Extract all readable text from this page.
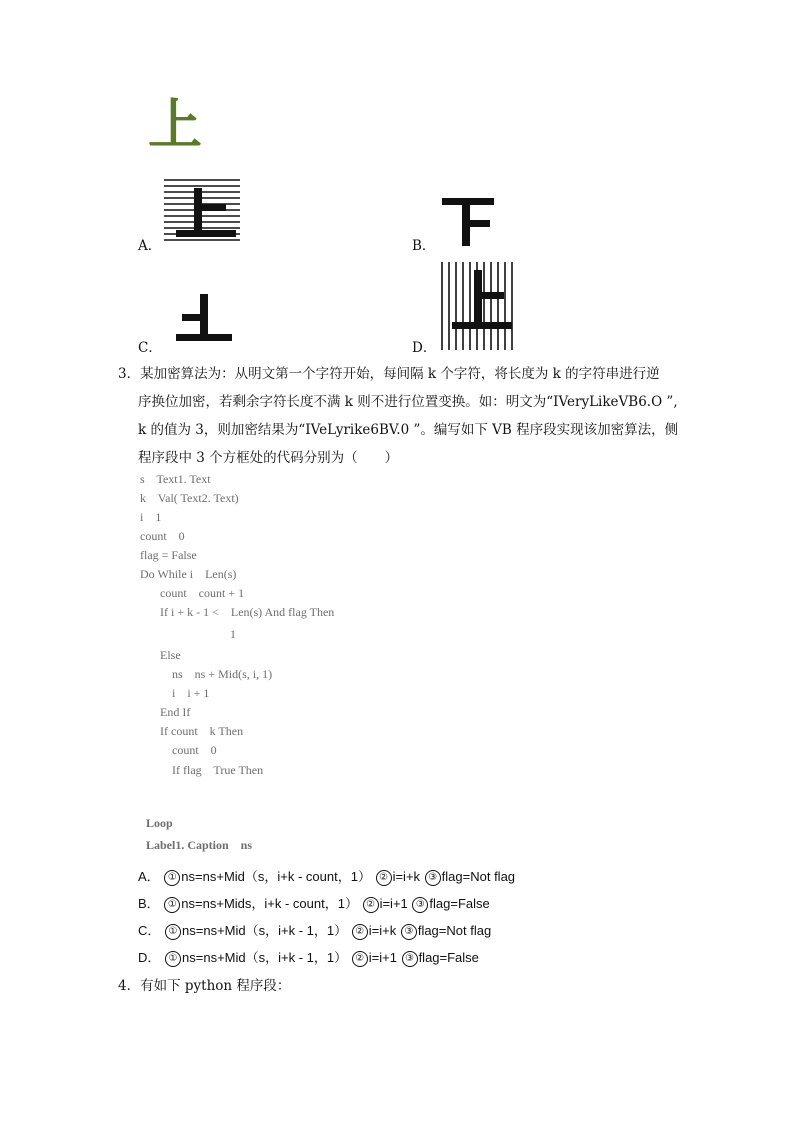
上
A．	B．
C．	D．
3．某加密算法为：从明文第一个字符开始，每间隔 k 个字符，将长度为 k 的字符串进行逆
序换位加密，若剩余字符长度不满 k 则不进行位置变换。如：明文为“IVeryLikeVB6.O ”,
k 的值为 3，则加密结果为“IVeLyrike6BV.0 ”。编写如下 VB 程序段实现该加密算法，侧
程序段中 3 个方框处的代码分别为（　　）
s    Text1. Text
k    Val( Text2. Text)
i    1
count    0
flag = False
Do While i    Len(s)
count    count + 1
If i + k - 1 <    Len(s) And flag Then
1
Else
ns    ns + Mid(s, i, 1)
i    i + 1
End If
If count    k Then
count    0
If flag    True Then
Loop
Label1. Caption    ns
A． ① ns=ns+Mid（s，i+k - count，1） ② i=i+k ③ flag=Not flag
B． ① ns=ns+Mids，i+k - count，1） ② i=i+1 ③ flag=False
C． ① ns=ns+Mid（s，i+k - 1，1） ② i=i+k ③ flag=Not flag
D． ① ns=ns+Mid（s，i+k - 1，1） ② i=i+1 ③ flag=False
4．有如下 python 程序段：
